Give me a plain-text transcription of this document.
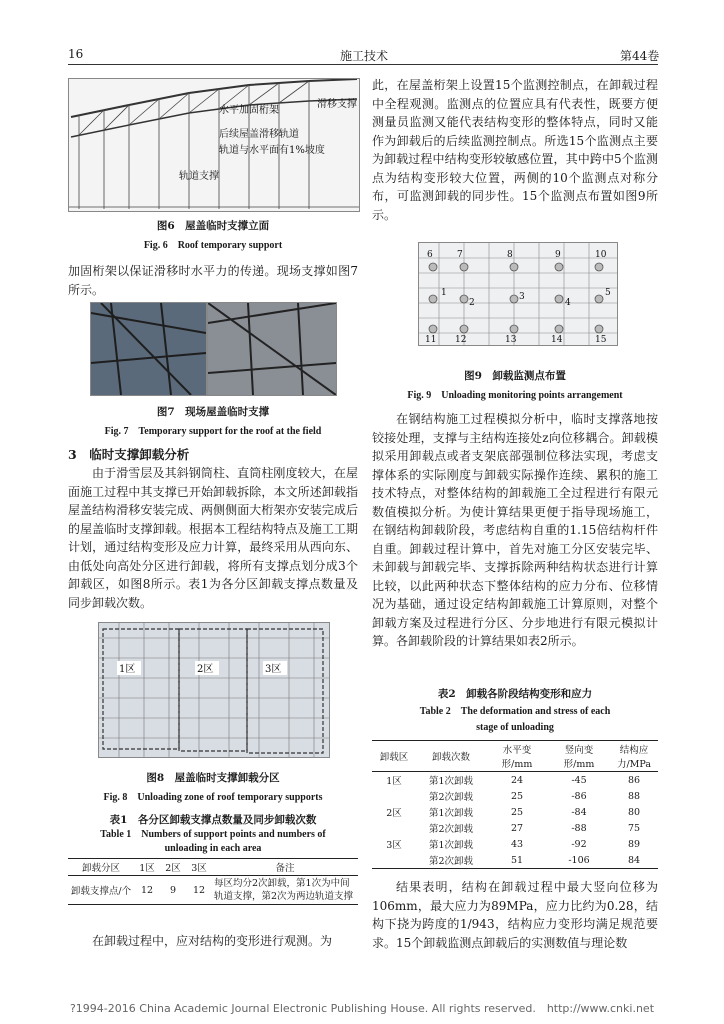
16	施工技术	第44卷
水平加固桁架
滑移支撑
后续屋盖滑移轨道
轨道与水平面有1%坡度
轨道支撑
图6　屋盖临时支撑立面
Fig. 6　Roof temporary support

加固桁架以保证滑移时水平力的传递。现场支撑如图7所示。

图7　现场屋盖临时支撑
Fig. 7　Temporary support for the roof at the field
3　临时支撑卸载分析

由于滑雪层及其斜钢筒柱、直筒柱刚度较大，在屋面施工过程中其支撑已开始卸载拆除，本文所述卸载指屋盖结构滑移安装完成、两侧侧面大桁架亦安装完成后的屋盖临时支撑卸载。根据本工程结构特点及施工工期计划，通过结构变形及应力计算，最终采用从西向东、由低处向高处分区进行卸载，将所有支撑点划分成3个卸载区，如图8所示。表1为各分区卸载支撑点数量及同步卸载次数。

1区	2区	3区
图8　屋盖临时支撑卸载分区
Fig. 8　Unloading zone of roof temporary supports
表1　各分区卸载支撑点数量及同步卸载次数
Table 1　Numbers of support points and numbers of unloading in each area
卸载分区	1区	2区	3区	备注
卸载支撑点/个	12	9	12	每区均分2次卸载，第1次为中间轨道支撑，第2次为两边轨道支撑

在卸载过程中，应对结构的变形进行观测。为

此，在屋盖桁架上设置15个监测控制点，在卸载过程中全程观测。监测点的位置应具有代表性，既要方便测量员监测又能代表结构变形的整体特点，同时又能作为卸载后的后续监测控制点。所选15个监测点主要为卸载过程中结构变形较敏感位置，其中跨中5个监测点为结构变形较大位置，两侧的10个监测点对称分布，可监测卸载的同步性。15个监测点布置如图9所示。

6	7	8	9	10
1
2
3
4
5
11 12	13	14	15
图9　卸载监测点布置
Fig. 9　Unloading monitoring points arrangement

在钢结构施工过程模拟分析中，临时支撑落地按铰接处理，支撑与主结构连接处z向位移耦合。卸载模拟采用卸载点或者支架底部强制位移法实现，考虑支撑体系的实际刚度与卸载实际操作连续、累积的施工技术特点，对整体结构的卸载施工全过程进行有限元数值模拟分析。为使计算结果更便于指导现场施工，在钢结构卸载阶段，考虑结构自重的1.15倍结构杆件自重。卸载过程计算中，首先对施工分区安装完毕、未卸载与卸载完毕、支撑拆除两种结构状态进行计算比较，以此两种状态下整体结构的应力分布、位移情况为基础，通过设定结构卸载施工计算原则，对整个卸载方案及过程进行分区、分步地进行有限元模拟计算。各卸载阶段的计算结果如表2所示。

表2　卸载各阶段结构变形和应力
Table 2　The deformation and stress of each stage of unloading
卸载区	卸载次数	水平变形/mm	竖向变形/mm	结构应力/MPa
1区	第1次卸载	24	-45	86
	第2次卸载	25	-86	88
2区	第1次卸载	25	-84	80
	第2次卸载	27	-88	75
3区	第1次卸载	43	-92	89
	第2次卸载	51	-106	84

结果表明，结构在卸载过程中最大竖向位移为106mm，最大应力为89MPa，应力比约为0.28，结构下挠为跨度的1/943，结构应力变形均满足规范要求。 15个卸载监测点卸载后的实测数值与理论数

?1994-2016 China Academic Journal Electronic Publishing House. All rights reserved.　http://www.cnki.net
